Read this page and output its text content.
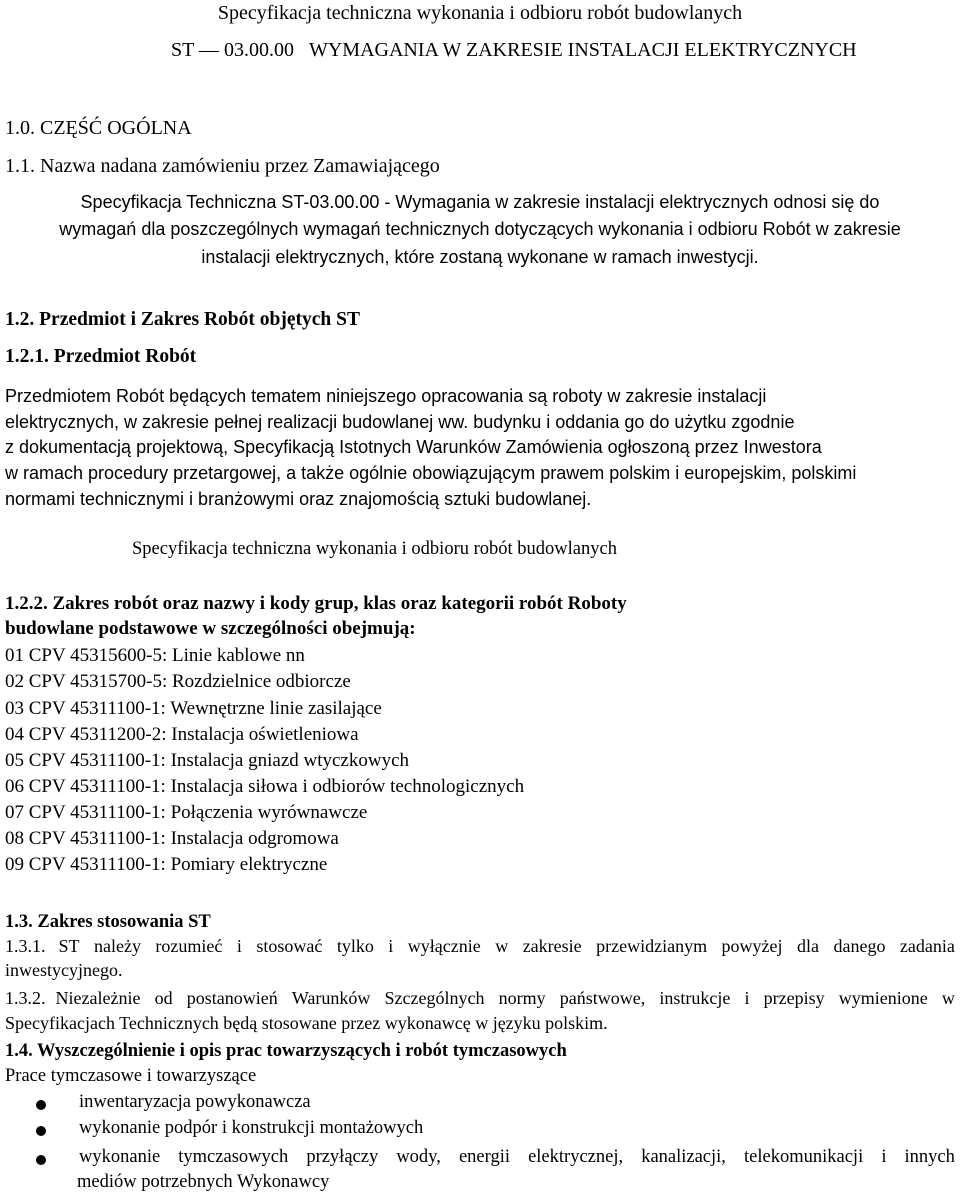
Specyfikacja techniczna wykonania i odbioru robót budowlanych

ST — 03.00.00 WYMAGANIA W ZAKRESIE INSTALACJI ELEKTRYCZNYCH

1.0. CZĘŚĆ OGÓLNA

1.1. Nazwa nadana zamówieniu przez Zamawiającego

Specyfikacja Techniczna ST-03.00.00 - Wymagania w zakresie instalacji elektrycznych odnosi się do

wymagań dla poszczególnych wymagań technicznych dotyczących wykonania i odbioru Robót w zakresie

instalacji elektrycznych, które zostaną wykonane w ramach inwestycji.

1.2. Przedmiot i Zakres Robót objętych ST

1.2.1. Przedmiot Robót

Przedmiotem Robót będących tematem niniejszego opracowania są roboty w zakresie instalacji

elektrycznych, w zakresie pełnej realizacji budowlanej ww. budynku i oddania go do użytku zgodnie

z dokumentacją projektową, Specyfikacją Istotnych Warunków Zamówienia ogłoszoną przez Inwestora

w ramach procedury przetargowej, a także ogólnie obowiązującym prawem polskim i europejskim, polskimi

normami technicznymi i branżowymi oraz znajomością sztuki budowlanej.

Specyfikacja techniczna wykonania i odbioru robót budowlanych

1.2.2. Zakres robót oraz nazwy i kody grup, klas oraz kategorii robót Roboty

budowlane podstawowe w szczególności obejmują:

01 CPV 45315600-5: Linie kablowe nn

02 CPV 45315700-5: Rozdzielnice odbiorcze

03 CPV 45311100-1: Wewnętrzne linie zasilające

04 CPV 45311200-2: Instalacja oświetleniowa

05 CPV 45311100-1: Instalacja gniazd wtyczkowych

06 CPV 45311100-1: Instalacja siłowa i odbiorów technologicznych

07 CPV 45311100-1: Połączenia wyrównawcze

08 CPV 45311100-1: Instalacja odgromowa

09 CPV 45311100-1: Pomiary elektryczne

1.3. Zakres stosowania ST

1.3.1. ST należy rozumieć i stosować tylko i wyłącznie w zakresie przewidzianym powyżej dla danego zadania

inwestycyjnego.

1.3.2. Niezależnie od postanowień Warunków Szczególnych normy państwowe, instrukcje i przepisy wymienione w

Specyfikacjach Technicznych będą stosowane przez wykonawcę w języku polskim.

1.4. Wyszczególnienie i opis prac towarzyszących i robót tymczasowych

Prace tymczasowe i towarzyszące

inwentaryzacja powykonawcza
wykonanie podpór i konstrukcji montażowych
wykonanie tymczasowych przyłączy wody, energii elektrycznej, kanalizacji, telekomunikacji i innych
mediów potrzebnych Wykonawcy
